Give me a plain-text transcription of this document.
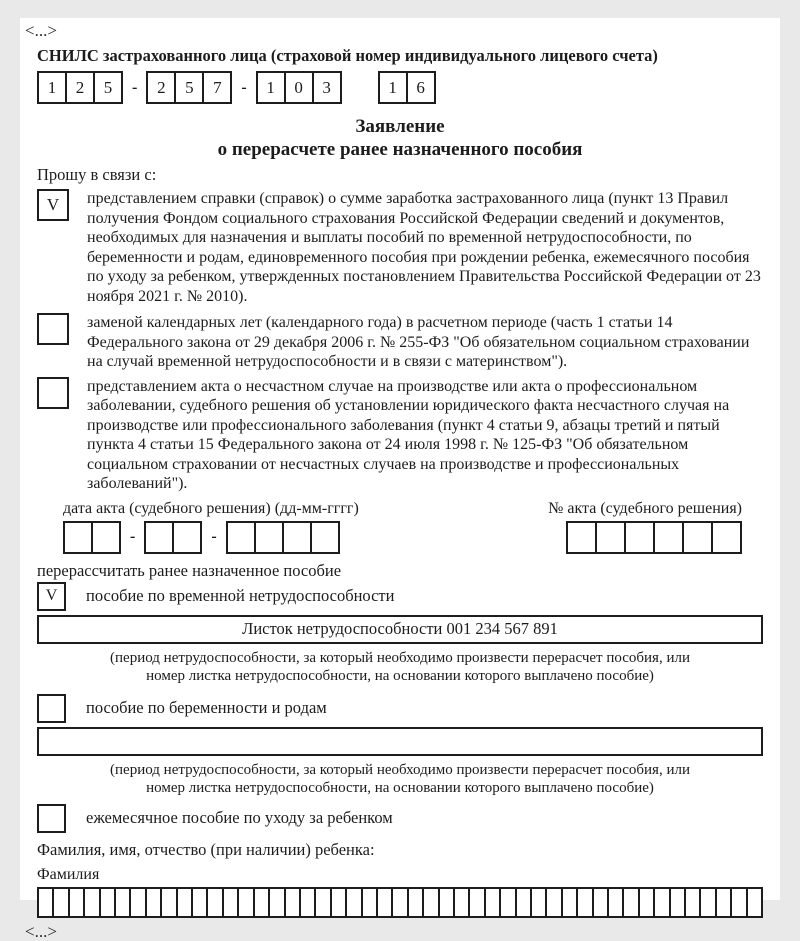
<...>
СНИЛС застрахованного лица (страховой номер индивидуального лицевого счета)
1	2	5	-	2	5	7	-	1	0	3	1	6
Заявление
о перерасчете ранее назначенного пособия
Прошу в связи с:
V	представлением справки (справок) о сумме заработка застрахованного лица (пункт 13 Правил получения Фондом социального страхования Российской Федерации сведений и документов, необходимых для назначения и выплаты пособий по временной нетрудоспособности, по беременности и родам, единовременного пособия при рождении ребенка, ежемесячного пособия по уходу за ребенком, утвержденных постановлением Правительства Российской Федерации от 23 ноября 2021 г. № 2010).
заменой календарных лет (календарного года) в расчетном периоде (часть 1 статьи 14 Федерального закона от 29 декабря 2006 г. № 255-ФЗ "Об обязательном социальном страховании на случай временной нетрудоспособности и в связи с материнством").
представлением акта о несчастном случае на производстве или акта о профессиональном заболевании, судебного решения об установлении юридического факта несчастного случая на производстве или профессионального заболевания (пункт 4 статьи 9, абзацы третий и пятый пункта 4 статьи 15 Федерального закона от 24 июля 1998 г. № 125-ФЗ "Об обязательном социальном страховании от несчастных случаев на производстве и профессиональных заболеваний").
дата акта (судебного решения) (дд-мм-гггг)
-	-
№ акта (судебного решения)
перерассчитать ранее назначенное пособие
V	пособие по временной нетрудоспособности
Листок нетрудоспособности 001 234 567 891
(период нетрудоспособности, за который необходимо произвести перерасчет пособия, или номер листка нетрудоспособности, на основании которого выплачено пособие)
пособие по беременности и родам
(период нетрудоспособности, за который необходимо произвести перерасчет пособия, или номер листка нетрудоспособности, на основании которого выплачено пособие)
ежемесячное пособие по уходу за ребенком
Фамилия, имя, отчество (при наличии) ребенка:
Фамилия
<...>
